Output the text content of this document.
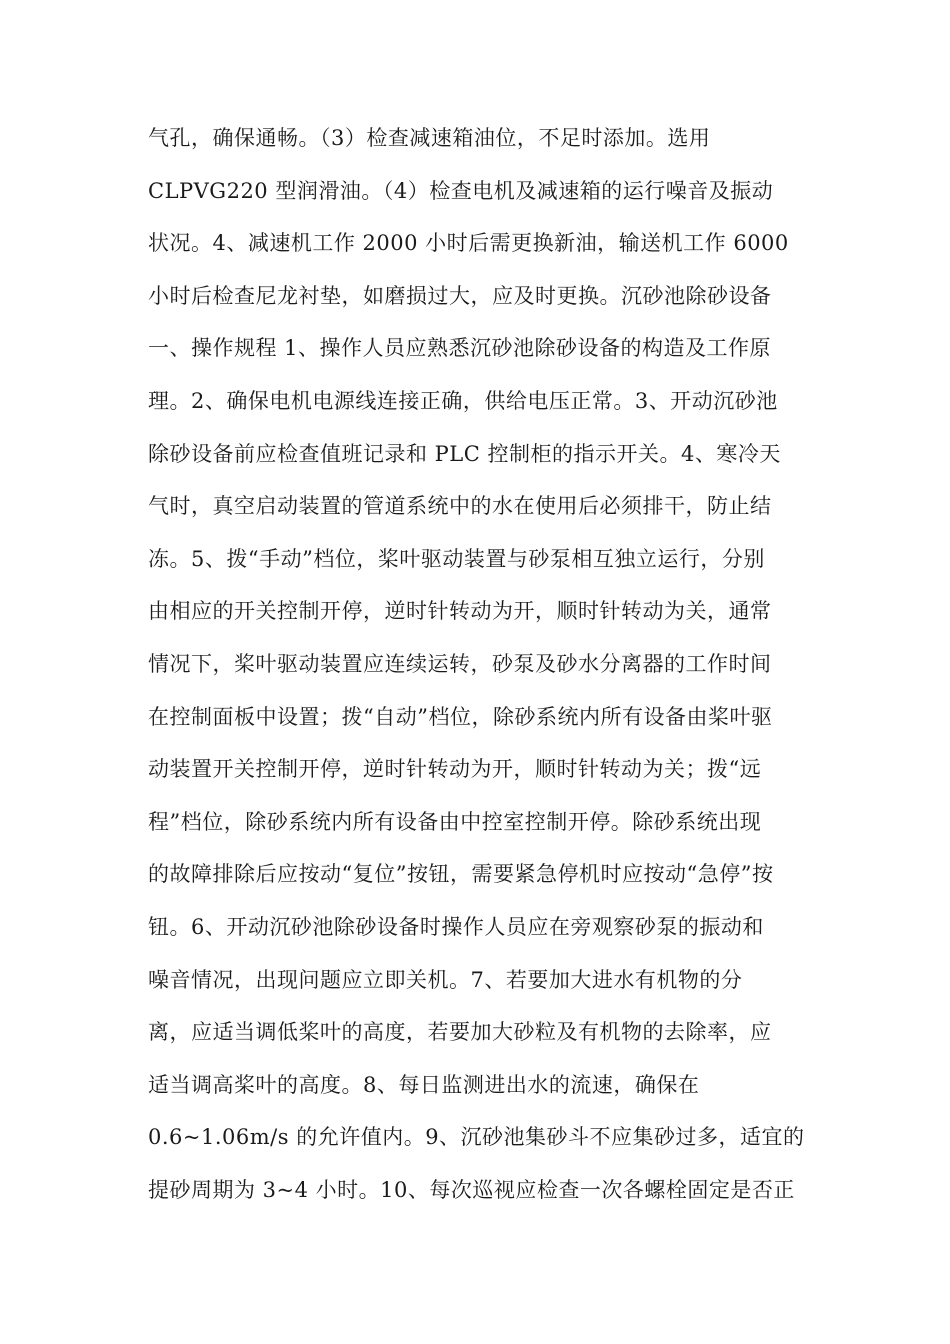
气孔，确保通畅。（3）检查减速箱油位，不足时添加。选用
CLPVG220 型润滑油。（4）检查电机及减速箱的运行噪音及振动
状况。4、减速机工作 2000 小时后需更换新油，输送机工作 6000
小时后检查尼龙衬垫，如磨损过大，应及时更换。沉砂池除砂设备
一、操作规程 1、操作人员应熟悉沉砂池除砂设备的构造及工作原
理。2、确保电机电源线连接正确，供给电压正常。3、开动沉砂池
除砂设备前应检查值班记录和 PLC 控制柜的指示开关。4、寒冷天
气时，真空启动装置的管道系统中的水在使用后必须排干，防止结
冻。5、拨“手动”档位，桨叶驱动装置与砂泵相互独立运行，分别
由相应的开关控制开停，逆时针转动为开，顺时针转动为关，通常
情况下，桨叶驱动装置应连续运转，砂泵及砂水分离器的工作时间
在控制面板中设置；拨“自动”档位，除砂系统内所有设备由桨叶驱
动装置开关控制开停，逆时针转动为开，顺时针转动为关；拨“远
程”档位，除砂系统内所有设备由中控室控制开停。除砂系统出现
的故障排除后应按动“复位”按钮，需要紧急停机时应按动“急停”按
钮。6、开动沉砂池除砂设备时操作人员应在旁观察砂泵的振动和
噪音情况，出现问题应立即关机。7、若要加大进水有机物的分
离，应适当调低桨叶的高度，若要加大砂粒及有机物的去除率，应
适当调高桨叶的高度。8、每日监测进出水的流速，确保在
0.6~1.06m/s 的允许值内。9、沉砂池集砂斗不应集砂过多，适宜的
提砂周期为 3~4 小时。10、每次巡视应检查一次各螺栓固定是否正
